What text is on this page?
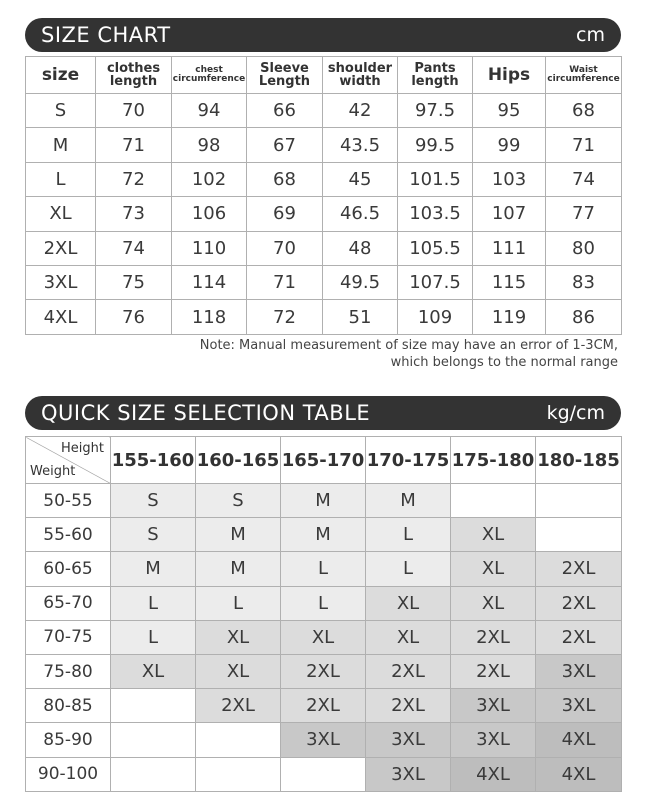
SIZE CHART	cm
size	clothes length	chest circumference	Sleeve Length	shoulder width	Pants length	Hips	Waist circumference
S	70	94	66	42	97.5	95	68
M	71	98	67	43.5	99.5	99	71
L	72	102	68	45	101.5	103	74
XL	73	106	69	46.5	103.5	107	77
2XL	74	110	70	48	105.5	111	80
3XL	75	114	71	49.5	107.5	115	83
4XL	76	118	72	51	109	119	86
Note: Manual measurement of size may have an error of 1-3CM,
which belongs to the normal range
QUICK SIZE SELECTION TABLE	kg/cm
Height
Weight	155-160	160-165	165-170	170-175	175-180	180-185
50-55	S	S	M	M		
55-60	S	M	M	L	XL	
60-65	M	M	L	L	XL	2XL
65-70	L	L	L	XL	XL	2XL
70-75	L	XL	XL	XL	2XL	2XL
75-80	XL	XL	2XL	2XL	2XL	3XL
80-85		2XL	2XL	2XL	3XL	3XL
85-90			3XL	3XL	3XL	4XL
90-100				3XL	4XL	4XL
